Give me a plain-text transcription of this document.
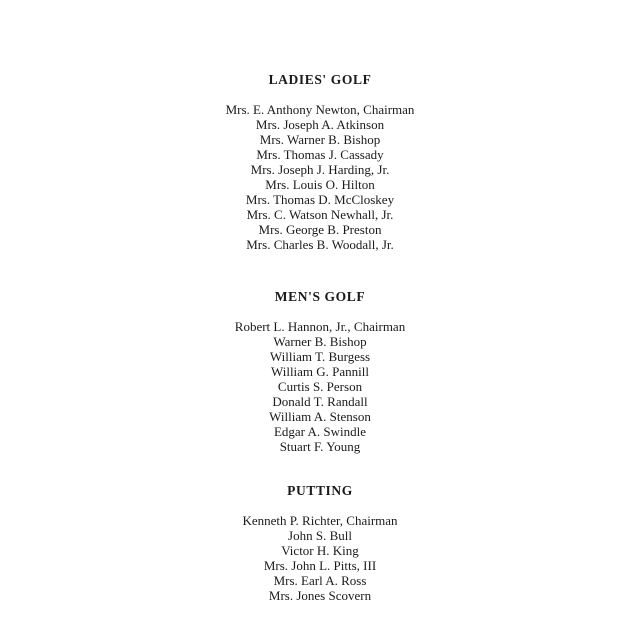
LADIES' GOLF
Mrs. E. Anthony Newton, Chairman
Mrs. Joseph A. Atkinson
Mrs. Warner B. Bishop
Mrs. Thomas J. Cassady
Mrs. Joseph J. Harding, Jr.
Mrs. Louis O. Hilton
Mrs. Thomas D. McCloskey
Mrs. C. Watson Newhall, Jr.
Mrs. George B. Preston
Mrs. Charles B. Woodall, Jr.
MEN'S GOLF
Robert L. Hannon, Jr., Chairman
Warner B. Bishop
William T. Burgess
William G. Pannill
Curtis S. Person
Donald T. Randall
William A. Stenson
Edgar A. Swindle
Stuart F. Young
PUTTING
Kenneth P. Richter, Chairman
John S. Bull
Victor H. King
Mrs. John L. Pitts, III
Mrs. Earl A. Ross
Mrs. Jones Scovern
